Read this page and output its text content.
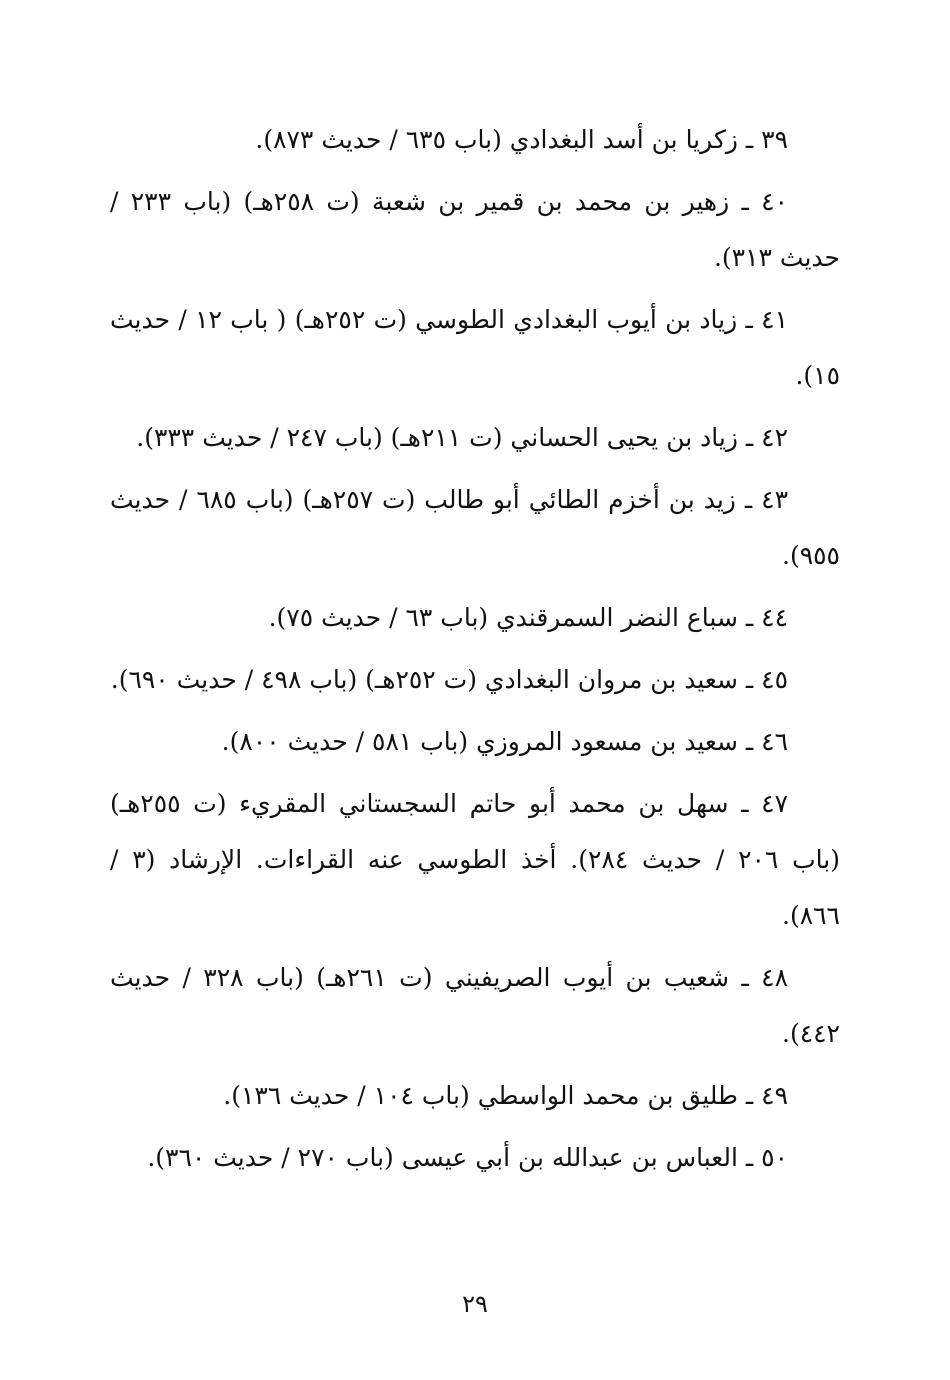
٣٩ ـ زكريا بن أسد البغدادي (باب ٦٣٥ / حديث ٨٧٣).

٤٠ ـ زهير بن محمد بن قمير بن شعبة (ت ٢٥٨هـ) (باب ٢٣٣ / حديث ٣١٣).

٤١ ـ زياد بن أيوب البغدادي الطوسي (ت ٢٥٢هـ) ( باب ١٢ / حديث ١٥).

٤٢ ـ زياد بن يحيى الحساني (ت ٢١١هـ) (باب ٢٤٧ / حديث ٣٣٣).

٤٣ ـ زيد بن أخزم الطائي أبو طالب (ت ٢٥٧هـ) (باب ٦٨٥ / حديث ٩٥٥).

٤٤ ـ سباع النضر السمرقندي (باب ٦٣ / حديث ٧٥).

٤٥ ـ سعيد بن مروان البغدادي (ت ٢٥٢هـ) (باب ٤٩٨ / حديث ٦٩٠).

٤٦ ـ سعيد بن مسعود المروزي (باب ٥٨١ / حديث ٨٠٠).

٤٧ ـ سهل بن محمد أبو حاتم السجستاني المقريء (ت ٢٥٥هـ) (باب ٢٠٦ / حديث ٢٨٤). أخذ الطوسي عنه القراءات. الإرشاد (٣ / ٨٦٦).

٤٨ ـ شعيب بن أيوب الصريفيني (ت ٢٦١هـ) (باب ٣٢٨ / حديث ٤٤٢).

٤٩ ـ طليق بن محمد الواسطي (باب ١٠٤ / حديث ١٣٦).

٥٠ ـ العباس بن عبدالله بن أبي عيسى (باب ٢٧٠ / حديث ٣٦٠).

٢٩
